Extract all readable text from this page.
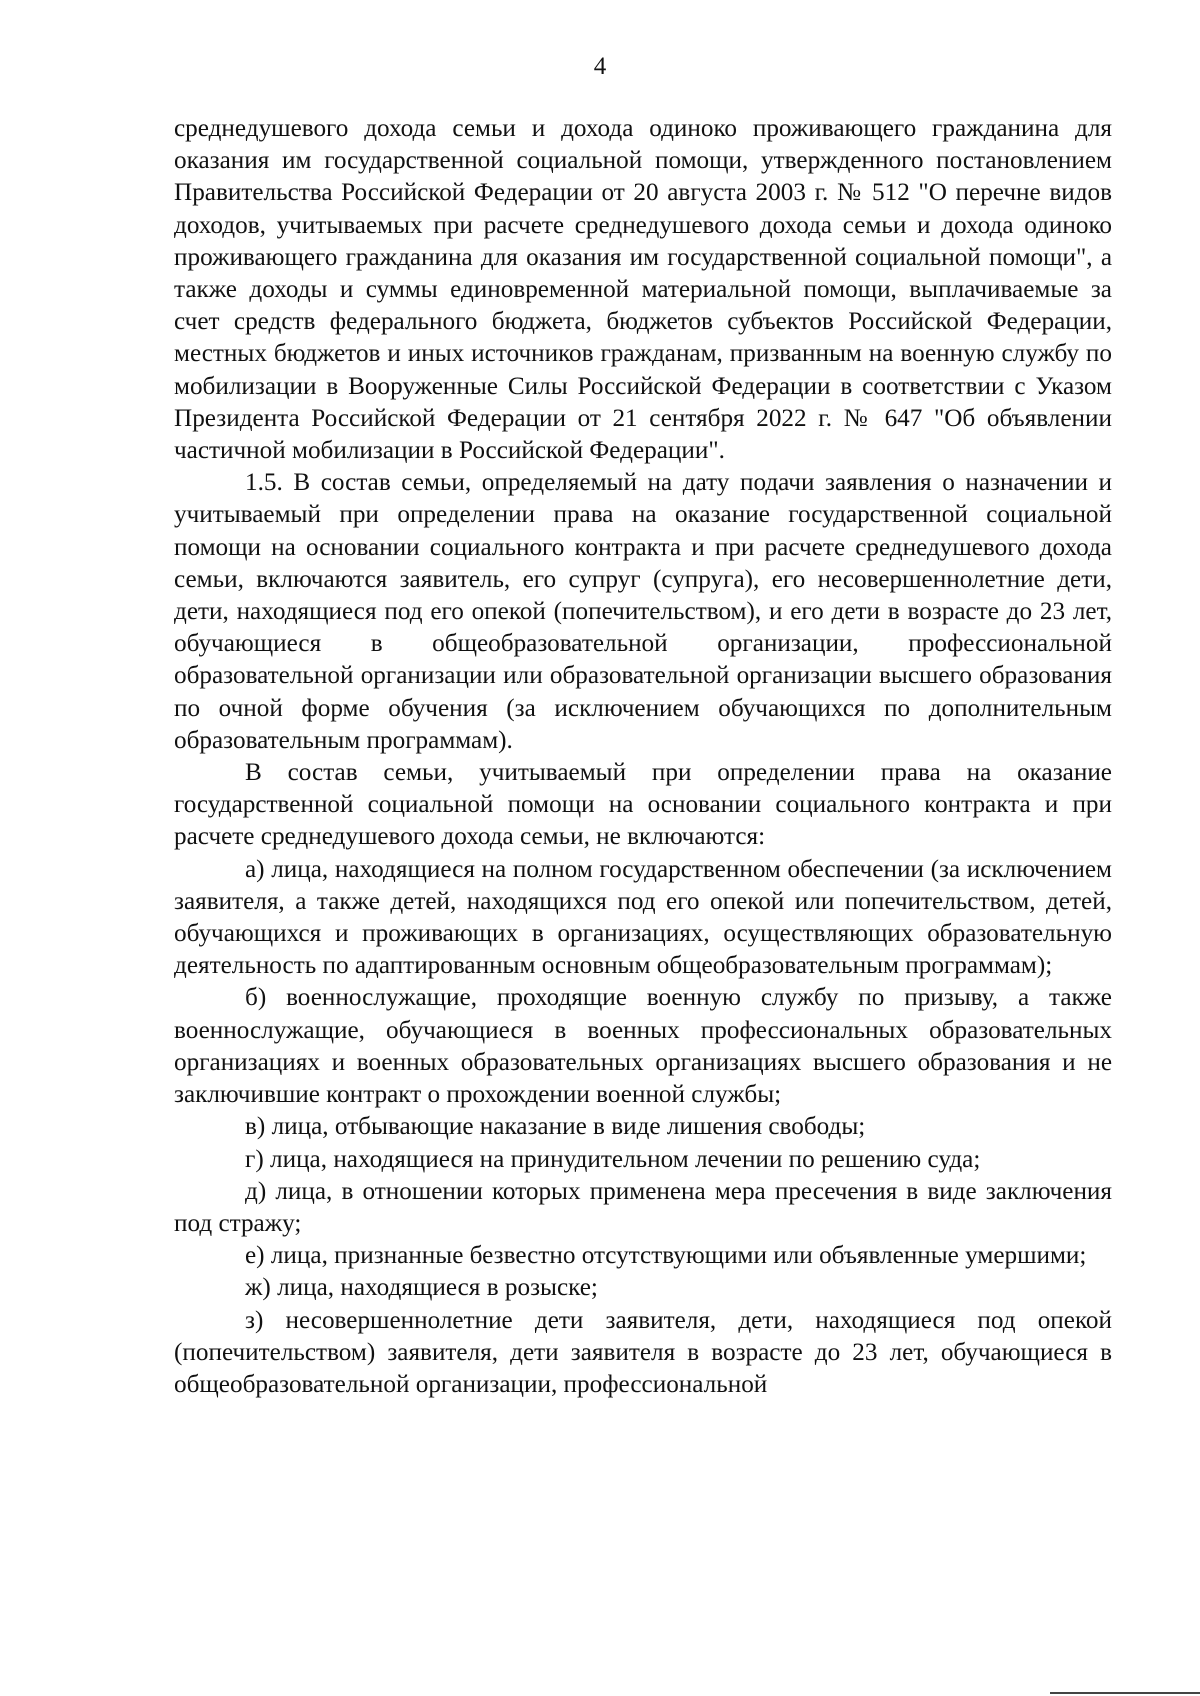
4

среднедушевого дохода семьи и дохода одиноко проживающего гражданина для оказания им государственной социальной помощи, утвержденного постановлением Правительства Российской Федерации от 20 августа 2003 г. № 512 "О перечне видов доходов, учитываемых при расчете среднедушевого дохода семьи и дохода одиноко проживающего гражданина для оказания им государственной социальной помощи", а также доходы и суммы единовременной материальной помощи, выплачиваемые за счет средств федерального бюджета, бюджетов субъектов Российской Федерации, местных бюджетов и иных источников гражданам, призванным на военную службу по мобилизации в Вооруженные Силы Российской Федерации в соответствии с Указом Президента Российской Федерации от 21 сентября 2022 г. № 647 "Об объявлении частичной мобилизации в Российской Федерации".

1.5. В состав семьи, определяемый на дату подачи заявления о назначении и учитываемый при определении права на оказание государственной социальной помощи на основании социального контракта и при расчете среднедушевого дохода семьи, включаются заявитель, его супруг (супруга), его несовершеннолетние дети, дети, находящиеся под его опекой (попечительством), и его дети в возрасте до 23 лет, обучающиеся в общеобразовательной организации, профессиональной образовательной организации или образовательной организации высшего образования по очной форме обучения (за исключением обучающихся по дополнительным образовательным программам).

В состав семьи, учитываемый при определении права на оказание государственной социальной помощи на основании социального контракта и при расчете среднедушевого дохода семьи, не включаются:

а) лица, находящиеся на полном государственном обеспечении (за исключением заявителя, а также детей, находящихся под его опекой или попечительством, детей, обучающихся и проживающих в организациях, осуществляющих образовательную деятельность по адаптированным основным общеобразовательным программам);

б) военнослужащие, проходящие военную службу по призыву, а также военнослужащие, обучающиеся в военных профессиональных образовательных организациях и военных образовательных организациях высшего образования и не заключившие контракт о прохождении военной службы;

в) лица, отбывающие наказание в виде лишения свободы;

г) лица, находящиеся на принудительном лечении по решению суда;

д) лица, в отношении которых применена мера пресечения в виде заключения под стражу;

е) лица, признанные безвестно отсутствующими или объявленные умершими;

ж) лица, находящиеся в розыске;

з) несовершеннолетние дети заявителя, дети, находящиеся под опекой (попечительством) заявителя, дети заявителя в возрасте до 23 лет, обучающиеся в общеобразовательной организации, профессиональной
